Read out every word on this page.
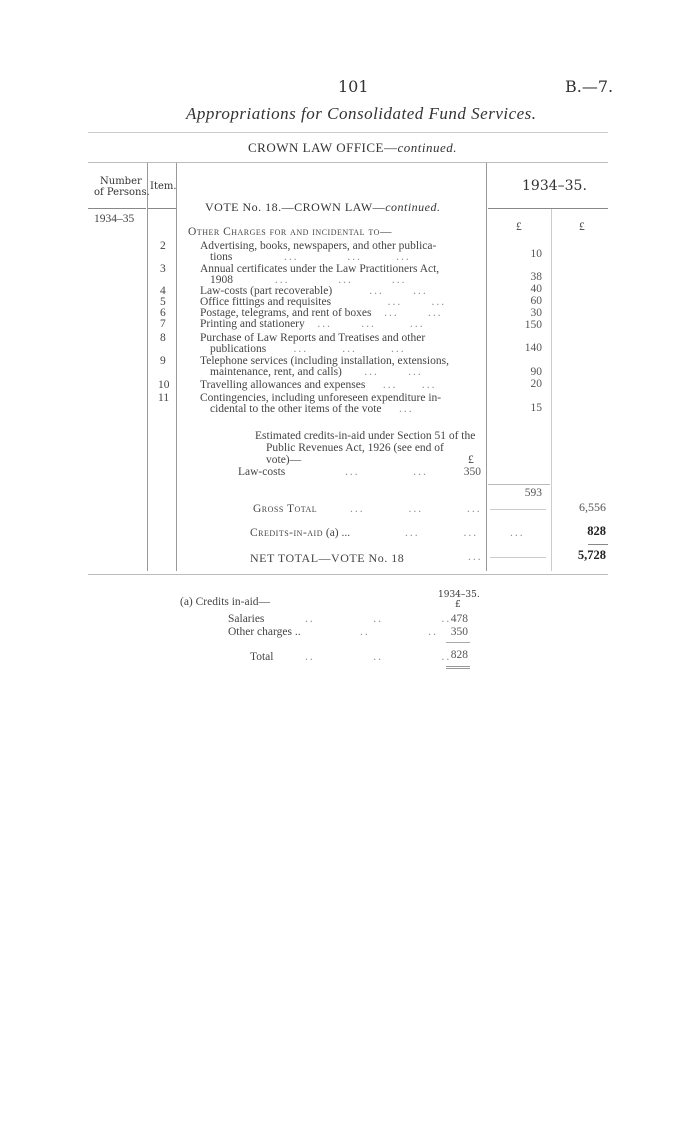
101	B.—7.
Appropriations for Consolidated Fund Services.
CROWN LAW OFFICE—continued.
Number
of Persons.
Item.	1934–35.
VOTE No. 18.—CROWN LAW—continued.
1934–35
£	£
Other Charges for and incidental to—
2	Advertising, books, newspapers, and other publica-
tions           ...          ...       ...	10
3	Annual certificates under the Law Practitioners Act,
1908         ...          ...        ...	38
4	Law-costs (part recoverable)        ...      ...	40
5	Office fittings and requisites            ...      ...	60
6	Postage, telegrams, and rent of boxes   ...      ...	30
7	Printing and stationery   ...      ...       ...	150
8	Purchase of Law Reports and Treatises and other
publications      ...       ...       ...	140
9	Telephone services (including installation, extensions,
maintenance, rent, and calls)     ...      ...	90
10	Travelling allowances and expenses    ...     ...	20
11	Contingencies, including unforeseen expenditure in-
cidental to the other items of the vote    ...	15
Estimated credits-in-aid under Section 51 of the
Public Revenues Act, 1926 (see end of
vote)—	£
Law-costs	...           ...	350
593
Gross Total	...         ...         ...	6,556
Credits-in-aid (a) ...	...         ...	...	828
NET TOTAL—VOTE No. 18	...	5,728
(a) Credits in-aid—
1934–35.
£
Salaries	..            ..            .. 478
Other charges ..	..            ..	350
Total	..            ..            .. 828
